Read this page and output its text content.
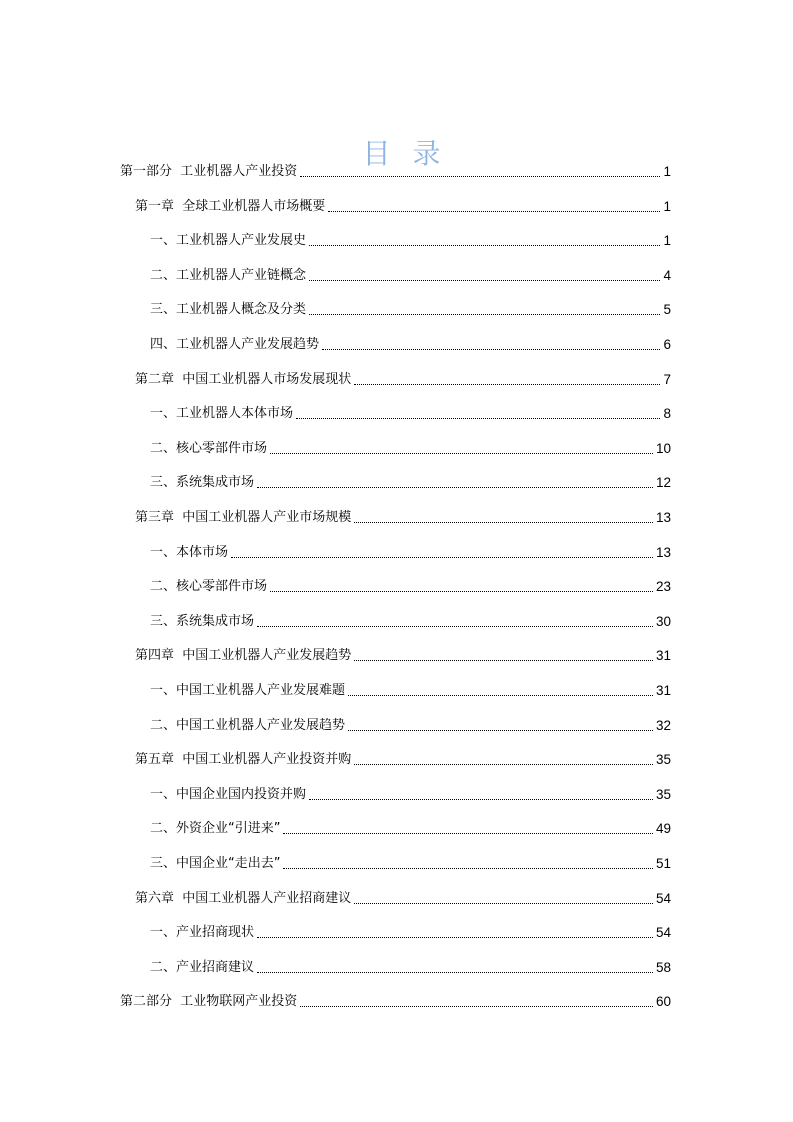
目录
第一部分  工业机器人产业投资	1
第一章  全球工业机器人市场概要	1
一、工业机器人产业发展史	1
二、工业机器人产业链概念	4
三、工业机器人概念及分类	5
四、工业机器人产业发展趋势	6
第二章  中国工业机器人市场发展现状	7
一、工业机器人本体市场	8
二、核心零部件市场	10
三、系统集成市场	12
第三章  中国工业机器人产业市场规模	13
一、本体市场	13
二、核心零部件市场	23
三、系统集成市场	30
第四章  中国工业机器人产业发展趋势	31
一、中国工业机器人产业发展难题	31
二、中国工业机器人产业发展趋势	32
第五章  中国工业机器人产业投资并购	35
一、中国企业国内投资并购	35
二、外资企业“引进来”	49
三、中国企业“走出去”	51
第六章  中国工业机器人产业招商建议	54
一、产业招商现状	54
二、产业招商建议	58
第二部分  工业物联网产业投资	60
